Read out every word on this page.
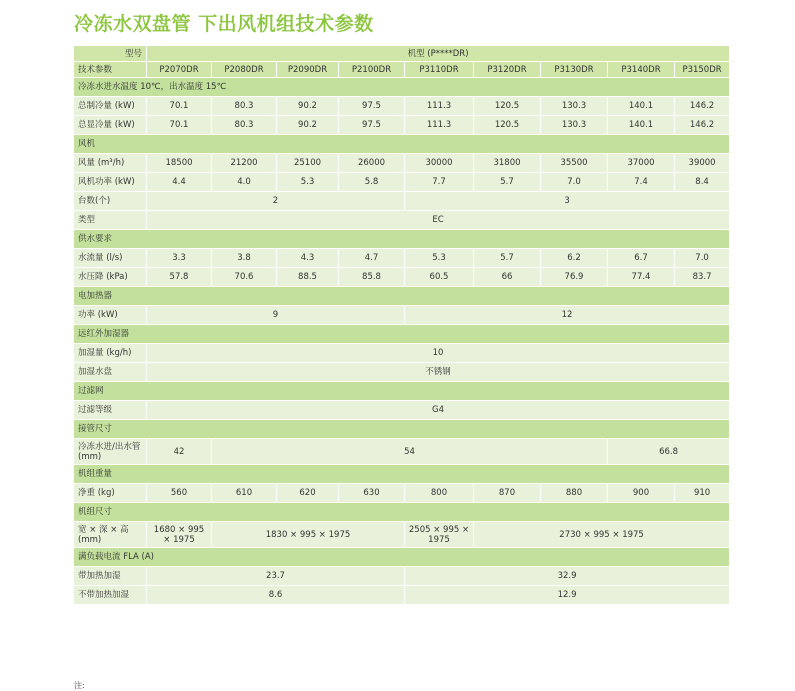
冷冻水双盘管 下出风机组技术参数
型号	机型 (P****DR)								
技术参数	P2070DR	P2080DR	P2090DR	P2100DR	P3110DR	P3120DR	P3130DR	P3140DR	P3150DR
冷冻水进水温度 10℃，出水温度 15℃									
总制冷量 (kW)	70.1	80.3	90.2	97.5	111.3	120.5	130.3	140.1	146.2
总显冷量 (kW)	70.1	80.3	90.2	97.5	111.3	120.5	130.3	140.1	146.2
风机									
风量 (m³/h)	18500	21200	25100	26000	30000	31800	35500	37000	39000
风机功率 (kW)	4.4	4.0	5.3	5.8	7.7	5.7	7.0	7.4	8.4
台数(个)	2				3				
类型	EC								
供水要求									
水流量 (l/s)	3.3	3.8	4.3	4.7	5.3	5.7	6.2	6.7	7.0
水压降 (kPa)	57.8	70.6	88.5	85.8	60.5	66	76.9	77.4	83.7
电加热器									
功率 (kW)	9				12				
远红外加湿器									
加湿量 (kg/h)	10								
加湿水盘	不锈钢								
过滤网									
过滤等级	G4								
接管尺寸									
冷冻水进/出水管 (mm)	42	54						66.8	
机组重量									
净重 (kg)	560	610	620	630	800	870	880	900	910
机组尺寸									
宽 × 深 × 高 (mm)	1680 × 995 × 1975	1830 × 995 × 1975			2505 × 995 × 1975	2730 × 995 × 1975			
满负载电流 FLA (A)									
带加热加湿	23.7				32.9				
不带加热加湿	8.6				12.9				
注:
